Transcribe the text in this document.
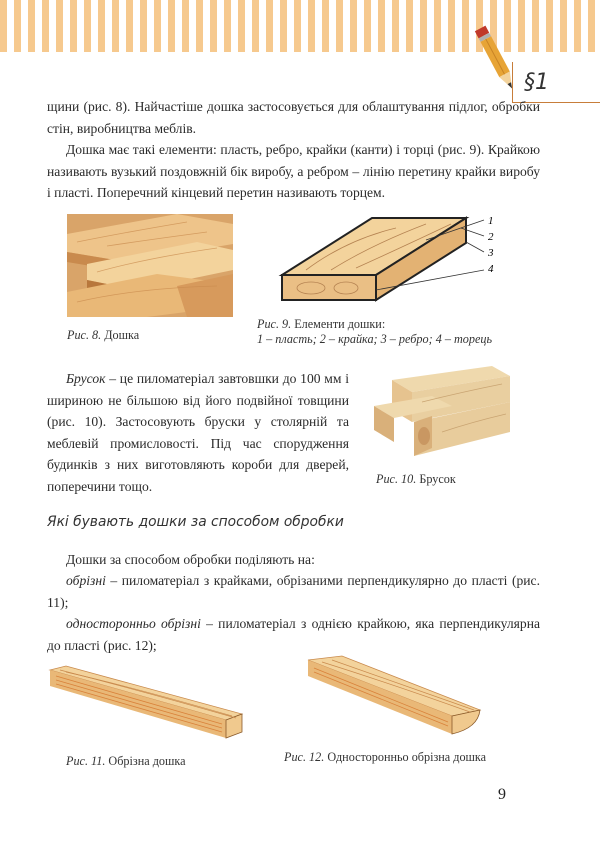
§1

щини (рис. 8). Найчастіше дошка застосовується для облаштування підлог, обробки стін, виробництва меблів.

Дошка має такі елементи: пласть, ребро, крайки (канти) і торці (рис. 9). Крайкою називають вузький поздовжній бік виробу, а ребром – лінію перетину крайки виробу і пласті. Поперечний кінцевий перетин називають торцем.

Рис. 8. Дошка
1
2
3
4
Рис. 9. Елементи дошки:
1 – пласть; 2 – крайка; 3 – ребро; 4 – торець

Брусок – це пиломатеріал завтовшки до 100 мм і шириною не більшою від його подвійної товщини (рис. 10). Застосовують бруски у столярній та меблевій промисловості. Під час спорудження будинків з них виготовляють короби для дверей, поперечини тощо.	Рис. 10. Брусок
Які бувають дошки за способом обробки

Дошки за способом обробки поділяють на:

обрізні – пиломатеріал з крайками, обрізаними перпендикулярно до пласті (рис. 11);

односторонньо обрізні – пиломатеріал з однією крайкою, яка перпендикулярна до пласті (рис. 12);

Рис. 11. Обрізна дошка	Рис. 12. Односторонньо обрізна дошка
9
